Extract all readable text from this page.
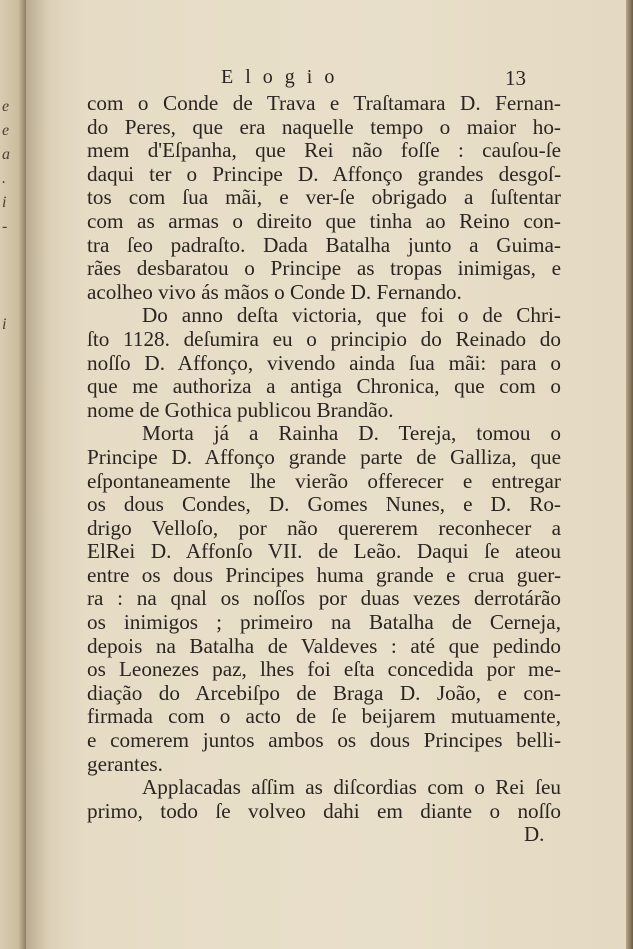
e
e
a
.
i
-
i
Elogio	13
com o Conde de Trava e Traſtamara D. Fernan-
do Peres, que era naquelle tempo o maior ho-
mem d'Eſpanha, que Rei não foſſe : cauſou-ſe
daqui ter o Principe D. Affonço grandes desgoſ-
tos com ſua mãi, e ver-ſe obrigado a ſuſtentar
com as armas o direito que tinha ao Reino con-
tra ſeo padraſto. Dada Batalha junto a Guima-
rães desbaratou o Principe as tropas inimigas, e
acolheo vivo ás mãos o Conde D. Fernando.
Do anno deſta victoria, que foi o de Chri-
ſto 1128. deſumira eu o principio do Reinado do
noſſo D. Affonço, vivendo ainda ſua mãi: para o
que me authoriza a antiga Chronica, que com o
nome de Gothica publicou Brandão.
Morta já a Rainha D. Tereja, tomou o
Principe D. Affonço grande parte de Galliza, que
eſpontaneamente lhe vierão offerecer e entregar
os dous Condes, D. Gomes Nunes, e D. Ro-
drigo Velloſo, por não quererem reconhecer a
ElRei D. Affonſo VII. de Leão. Daqui ſe ateou
entre os dous Principes huma grande e crua guer-
ra : na qnal os noſſos por duas vezes derrotárão
os inimigos ; primeiro na Batalha de Cerneja,
depois na Batalha de Valdeves : até que pedindo
os Leonezes paz, lhes foi eſta concedida por me-
diação do Arcebiſpo de Braga D. João, e con-
firmada com o acto de ſe beijarem mutuamente,
e comerem juntos ambos os dous Principes belli-
gerantes.
Applacadas aſſim as diſcordias com o Rei ſeu
primo, todo ſe volveo dahi em diante o noſſo
D.
